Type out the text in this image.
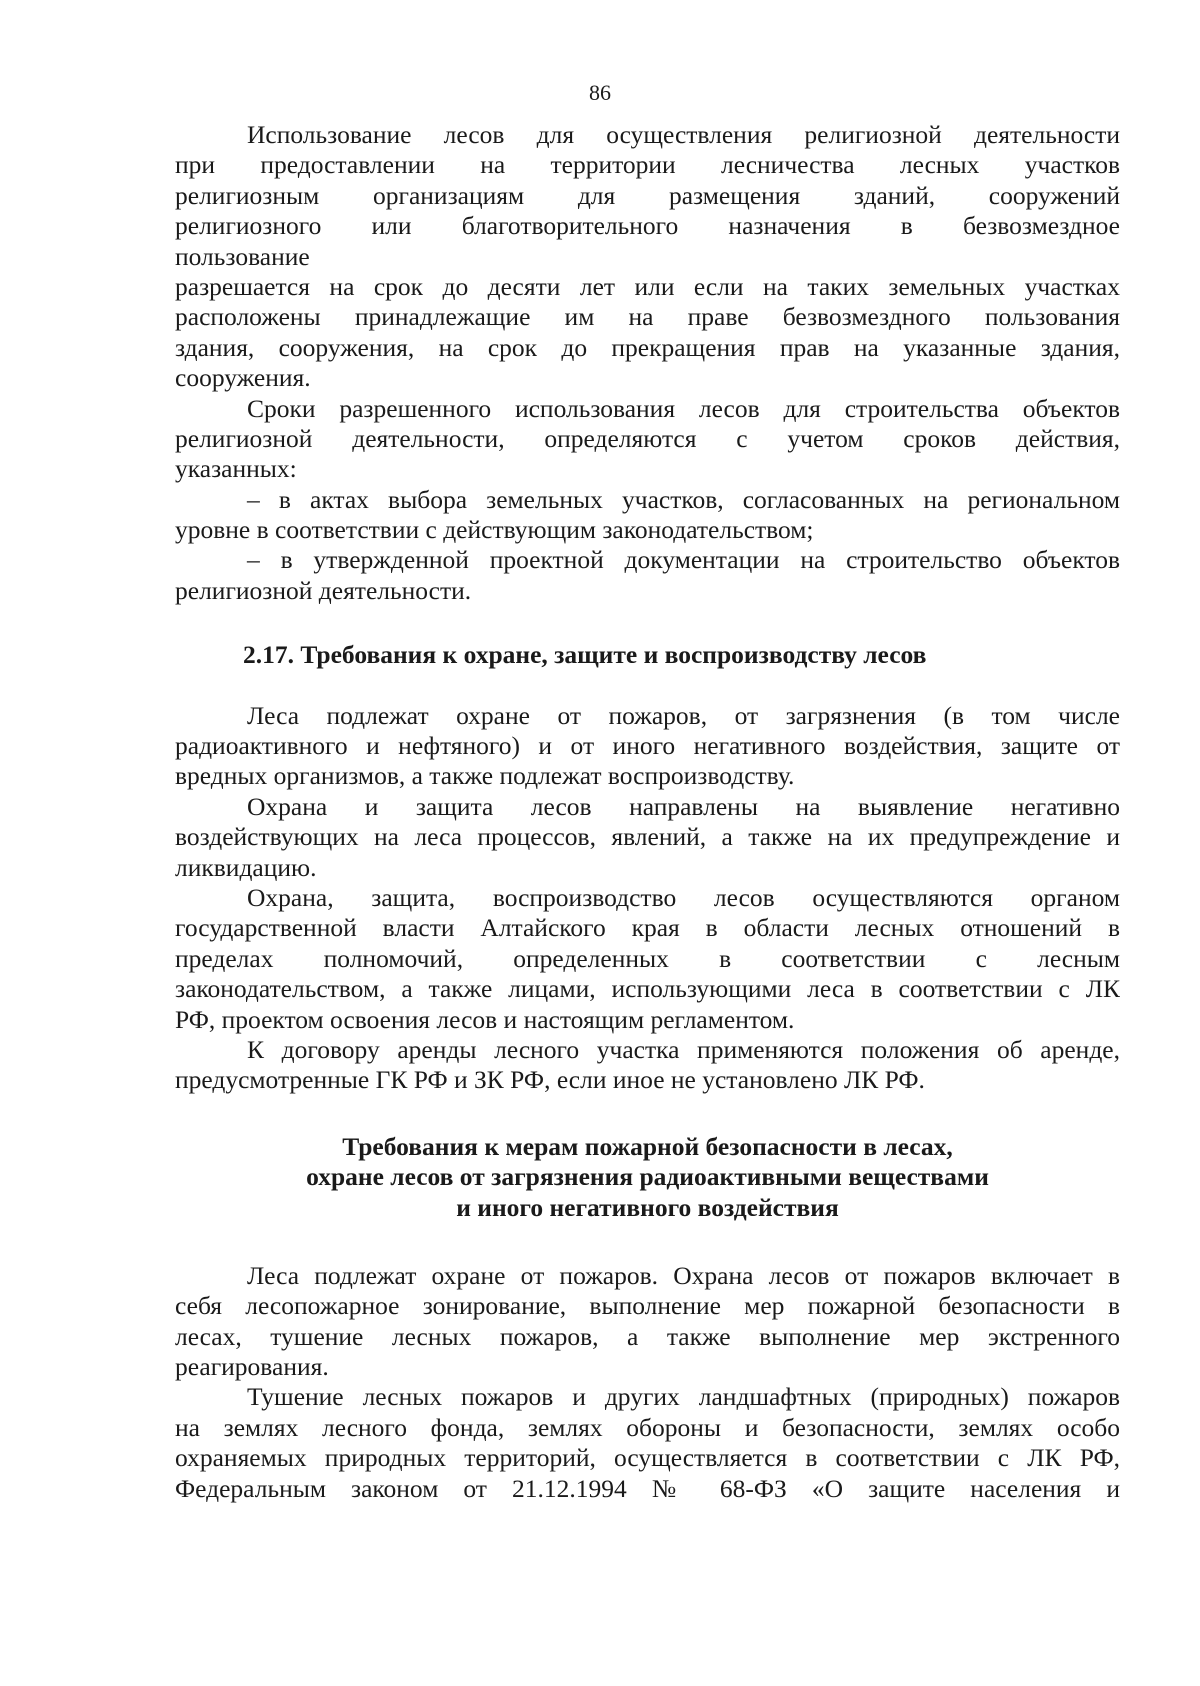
86
Использование лесов для осуществления религиозной деятельности
при предоставлении на территории лесничества лесных участков
религиозным организациям для размещения зданий, сооружений
религиозного или благотворительного назначения в безвозмездное
пользование
разрешается на срок до десяти лет или если на таких земельных участках
расположены принадлежащие им на праве безвозмездного пользования
здания, сооружения, на срок до прекращения прав на указанные здания,
сооружения.
Сроки разрешенного использования лесов для строительства объектов
религиозной деятельности, определяются с учетом сроков действия,
указанных:
– в актах выбора земельных участков, согласованных на региональном
уровне в соответствии с действующим законодательством;
– в утвержденной проектной документации на строительство объектов
религиозной деятельности.
2.17. Требования к охране, защите и воспроизводству лесов
Леса подлежат охране от пожаров, от загрязнения (в том числе
радиоактивного и нефтяного) и от иного негативного воздействия, защите от
вредных организмов, а также подлежат воспроизводству.
Охрана и защита лесов направлены на выявление негативно
воздействующих на леса процессов, явлений, а также на их предупреждение и
ликвидацию.
Охрана, защита, воспроизводство лесов осуществляются органом
государственной власти Алтайского края в области лесных отношений в
пределах полномочий, определенных в соответствии с лесным
законодательством, а также лицами, использующими леса в соответствии с ЛК
РФ, проектом освоения лесов и настоящим регламентом.
К договору аренды лесного участка применяются положения об аренде,
предусмотренные ГК РФ и ЗК РФ, если иное не установлено ЛК РФ.
Требования к мерам пожарной безопасности в лесах,
охране лесов от загрязнения радиоактивными веществами
и иного негативного воздействия
Леса подлежат охране от пожаров. Охрана лесов от пожаров включает в
себя лесопожарное зонирование, выполнение мер пожарной безопасности в
лесах, тушение лесных пожаров, а также выполнение мер экстренного
реагирования.
Тушение лесных пожаров и других ландшафтных (природных) пожаров
на землях лесного фонда, землях обороны и безопасности, землях особо
охраняемых природных территорий, осуществляется в соответствии с ЛК РФ,
Федеральным законом от 21.12.1994 № 68-ФЗ «О защите населения и
